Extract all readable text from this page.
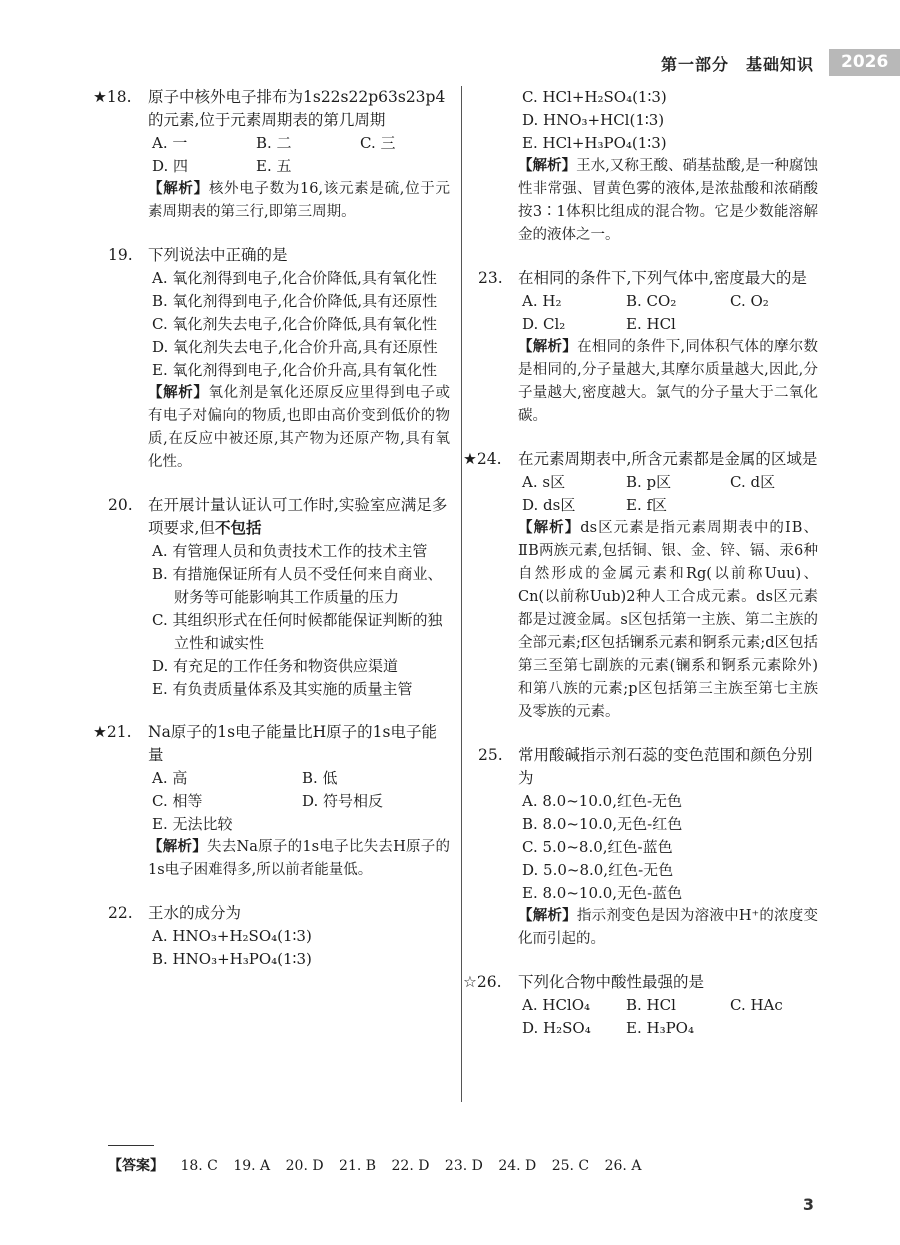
第一部分　基础知识	2026
★18.	原子中核外电子排布为1s22s22p63s23p4的元素,位于元素周期表的第几周期
A. 一	B. 二	C. 三
D. 四	E. 五
【解析】核外电子数为16,该元素是硫,位于元素周期表的第三行,即第三周期。
19. 下列说法中正确的是
A. 氧化剂得到电子,化合价降低,具有氧化性
B. 氧化剂得到电子,化合价降低,具有还原性
C. 氧化剂失去电子,化合价降低,具有氧化性
D. 氧化剂失去电子,化合价升高,具有还原性
E. 氧化剂得到电子,化合价升高,具有氧化性
【解析】氧化剂是氧化还原反应里得到电子或有电子对偏向的物质,也即由高价变到低价的物质,在反应中被还原,其产物为还原产物,具有氧化性。
20. 在开展计量认证认可工作时,实验室应满足多项要求,但不包括
A. 有管理人员和负责技术工作的技术主管
B. 有措施保证所有人员不受任何来自商业、财务等可能影响其工作质量的压力
C. 其组织形式在任何时候都能保证判断的独立性和诚实性
D. 有充足的工作任务和物资供应渠道
E. 有负责质量体系及其实施的质量主管
★21.	Na原子的1s电子能量比H原子的1s电子能量
A. 高	B. 低
C. 相等	D. 符号相反
E. 无法比较
【解析】失去Na原子的1s电子比失去H原子的1s电子困难得多,所以前者能量低。
22. 王水的成分为
A. HNO₃+H₂SO₄(1∶3)
B. HNO₃+H₃PO₄(1∶3)
C. HCl+H₂SO₄(1∶3)
D. HNO₃+HCl(1∶3)
E. HCl+H₃PO₄(1∶3)
【解析】王水,又称王酸、硝基盐酸,是一种腐蚀性非常强、冒黄色雾的液体,是浓盐酸和浓硝酸按3∶1体积比组成的混合物。它是少数能溶解金的液体之一。
23. 在相同的条件下,下列气体中,密度最大的是
A. H₂	B. CO₂	C. O₂
D. Cl₂	E. HCl
【解析】在相同的条件下,同体积气体的摩尔数是相同的,分子量越大,其摩尔质量越大,因此,分子量越大,密度越大。氯气的分子量大于二氧化碳。
★24.	在元素周期表中,所含元素都是金属的区域是
A. s区	B. p区	C. d区
D. ds区	E. f区
【解析】ds区元素是指元素周期表中的ⅠB、ⅡB两族元素,包括铜、银、金、锌、镉、汞6种自然形成的金属元素和Rg(以前称Uuu)、Cn(以前称Uub)2种人工合成元素。ds区元素都是过渡金属。s区包括第一主族、第二主族的全部元素;f区包括镧系元素和锕系元素;d区包括第三至第七副族的元素(镧系和锕系元素除外)和第八族的元素;p区包括第三主族至第七主族及零族的元素。
25. 常用酸碱指示剂石蕊的变色范围和颜色分别为
A. 8.0~10.0,红色-无色
B. 8.0~10.0,无色-红色
C. 5.0~8.0,红色-蓝色
D. 5.0~8.0,红色-无色
E. 8.0~10.0,无色-蓝色
【解析】指示剂变色是因为溶液中H⁺的浓度变化而引起的。
☆26.	下列化合物中酸性最强的是
A. HClO₄	B. HCl	C. HAc
D. H₂SO₄	E. H₃PO₄
【答案】 18. C 19. A 20. D 21. B 22. D 23. D 24. D 25. C 26. A
3
